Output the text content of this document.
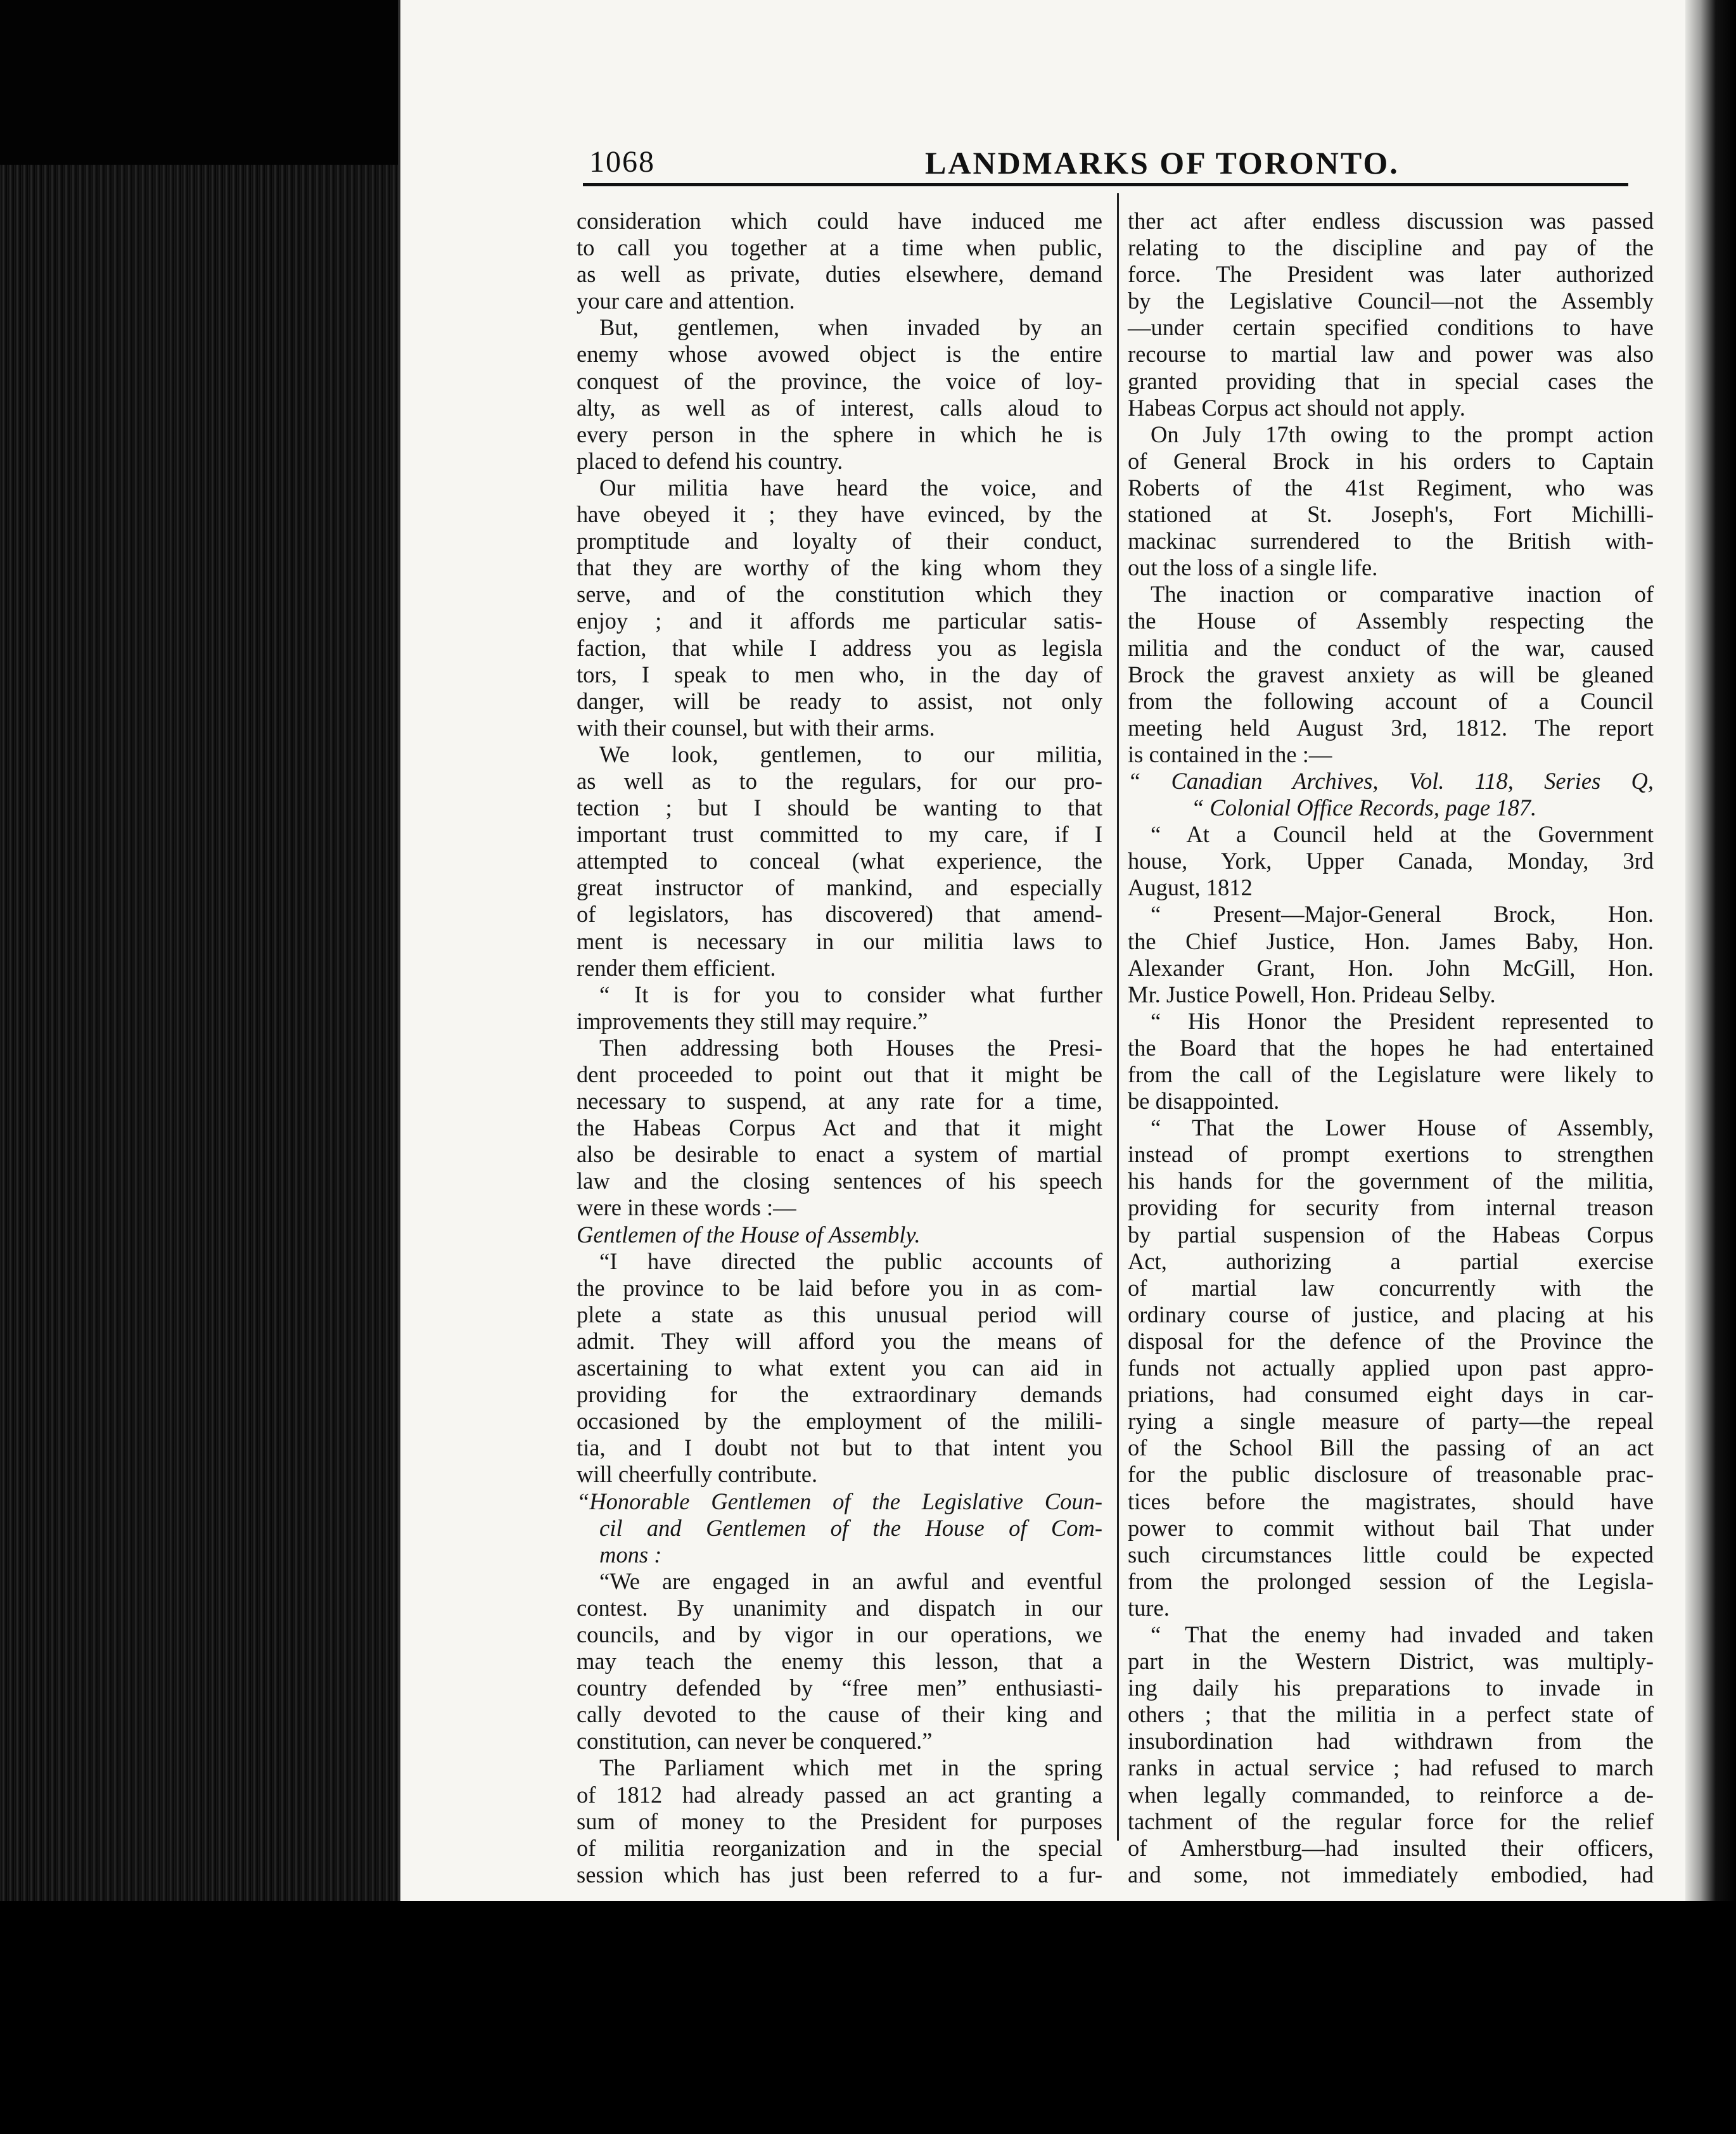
1068	LANDMARKS OF TORONTO.
consideration which could have induced me
to call you together at a time when public,
as well as private, duties elsewhere, demand
your care and attention.
But, gentlemen, when invaded by an
enemy whose avowed object is the entire
conquest of the province, the voice of loy-
alty, as well as of interest, calls aloud to
every person in the sphere in which he is
placed to defend his country.
Our militia have heard the voice, and
have obeyed it ; they have evinced, by the
promptitude and loyalty of their conduct,
that they are worthy of the king whom they
serve, and of the constitution which they
enjoy ; and it affords me particular satis-
faction, that while I address you as legisla
tors, I speak to men who, in the day of
danger, will be ready to assist, not only
with their counsel, but with their arms.
We look, gentlemen, to our militia,
as well as to the regulars, for our pro-
tection ; but I should be wanting to that
important trust committed to my care, if I
attempted to conceal (what experience, the
great instructor of mankind, and especially
of legislators, has discovered) that amend-
ment is necessary in our militia laws to
render them efficient.
“ It is for you to consider what further
improvements they still may require.”
Then addressing both Houses the Presi-
dent proceeded to point out that it might be
necessary to suspend, at any rate for a time,
the Habeas Corpus Act and that it might
also be desirable to enact a system of martial
law and the closing sentences of his speech
were in these words :—
Gentlemen of the House of Assembly.
“I have directed the public accounts of
the province to be laid before you in as com-
plete a state as this unusual period will
admit. They will afford you the means of
ascertaining to what extent you can aid in
providing for the extraordinary demands
occasioned by the employment of the milili-
tia, and I doubt not but to that intent you
will cheerfully contribute.
“Honorable Gentlemen of the Legislative Coun-
cil and Gentlemen of the House of Com-
mons :
“We are engaged in an awful and eventful
contest. By unanimity and dispatch in our
councils, and by vigor in our operations, we
may teach the enemy this lesson, that a
country defended by “free men” enthusiasti-
cally devoted to the cause of their king and
constitution, can never be conquered.”
The Parliament which met in the spring
of 1812 had already passed an act granting a
sum of money to the President for purposes
of militia reorganization and in the special
session which has just been referred to a fur-
ther act after endless discussion was passed
relating to the discipline and pay of the
force. The President was later authorized
by the Legislative Council—not the Assembly
—under certain specified conditions to have
recourse to martial law and power was also
granted providing that in special cases the
Habeas Corpus act should not apply.
On July 17th owing to the prompt action
of General Brock in his orders to Captain
Roberts of the 41st Regiment, who was
stationed at St. Joseph's, Fort Michilli-
mackinac surrendered to the British with-
out the loss of a single life.
The inaction or comparative inaction of
the House of Assembly respecting the
militia and the conduct of the war, caused
Brock the gravest anxiety as will be gleaned
from the following account of a Council
meeting held August 3rd, 1812. The report
is contained in the :—
“ Canadian Archives, Vol. 118, Series Q,
“ Colonial Office Records, page 187.
“ At a Council held at the Government
house, York, Upper Canada, Monday, 3rd
August, 1812
“ Present—Major-General Brock, Hon.
the Chief Justice, Hon. James Baby, Hon.
Alexander Grant, Hon. John McGill, Hon.
Mr. Justice Powell, Hon. Prideau Selby.
“ His Honor the President represented to
the Board that the hopes he had entertained
from the call of the Legislature were likely to
be disappointed.
“ That the Lower House of Assembly,
instead of prompt exertions to strengthen
his hands for the government of the militia,
providing for security from internal treason
by partial suspension of the Habeas Corpus
Act, authorizing a partial exercise
of martial law concurrently with the
ordinary course of justice, and placing at his
disposal for the defence of the Province the
funds not actually applied upon past appro-
priations, had consumed eight days in car-
rying a single measure of party—the repeal
of the School Bill the passing of an act
for the public disclosure of treasonable prac-
tices before the magistrates, should have
power to commit without bail That under
such circumstances little could be expected
from the prolonged session of the Legisla-
ture.
“ That the enemy had invaded and taken
part in the Western District, was multiply-
ing daily his preparations to invade in
others ; that the militia in a perfect state of
insubordination had withdrawn from the
ranks in actual service ; had refused to march
when legally commanded, to reinforce a de-
tachment of the regular force for the relief
of Amherstburg—had insulted their officers,
and some, not immediately embodied, had
